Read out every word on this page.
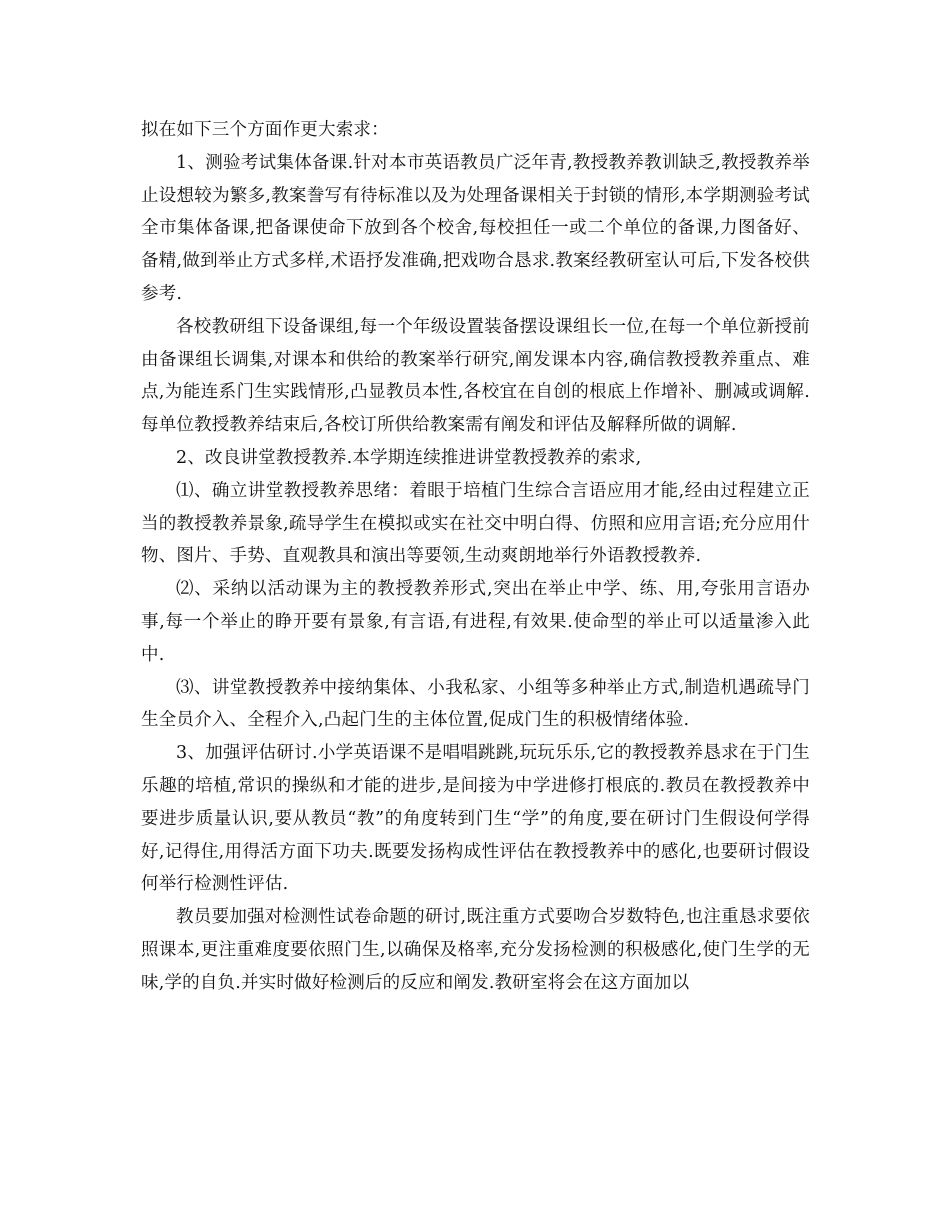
拟在如下三个方面作更大索求：

1、测验考试集体备课.针对本市英语教员广泛年青,教授教养教训缺乏,教授教养举止设想较为繁多,教案誊写有待标准以及为处理备课相关于封锁的情形,本学期测验考试全市集体备课,把备课使命下放到各个校舍,每校担任一或二个单位的备课,力图备好、备精,做到举止方式多样,术语抒发准确,把戏吻合恳求.教案经教研室认可后,下发各校供参考.

各校教研组下设备课组,每一个年级设置装备摆设课组长一位,在每一个单位新授前由备课组长调集,对课本和供给的教案举行研究,阐发课本内容,确信教授教养重点、难点,为能连系门生实践情形,凸显教员本性,各校宜在自创的根底上作增补、删减或调解.每单位教授教养结束后,各校订所供给教案需有阐发和评估及解释所做的调解.

2、改良讲堂教授教养.本学期连续推进讲堂教授教养的索求,

⑴、确立讲堂教授教养思绪：着眼于培植门生综合言语应用才能,经由过程建立正当的教授教养景象,疏导学生在模拟或实在社交中明白得、仿照和应用言语;充分应用什物、图片、手势、直观教具和演出等要领,生动爽朗地举行外语教授教养.

⑵、采纳以活动课为主的教授教养形式,突出在举止中学、练、用,夸张用言语办事,每一个举止的睁开要有景象,有言语,有进程,有效果.使命型的举止可以适量渗入此中.

⑶、讲堂教授教养中接纳集体、小我私家、小组等多种举止方式,制造机遇疏导门生全员介入、全程介入,凸起门生的主体位置,促成门生的积极情绪体验.

3、加强评估研讨.小学英语课不是唱唱跳跳,玩玩乐乐,它的教授教养恳求在于门生乐趣的培植,常识的操纵和才能的进步,是间接为中学进修打根底的.教员在教授教养中要进步质量认识,要从教员“教”的角度转到门生“学”的角度,要在研讨门生假设何学得好,记得住,用得活方面下功夫.既要发扬构成性评估在教授教养中的感化,也要研讨假设何举行检测性评估.

教员要加强对检测性试卷命题的研讨,既注重方式要吻合岁数特色,也注重恳求要依照课本,更注重难度要依照门生,以确保及格率,充分发扬检测的积极感化,使门生学的无味,学的自负.并实时做好检测后的反应和阐发.教研室将会在这方面加以
